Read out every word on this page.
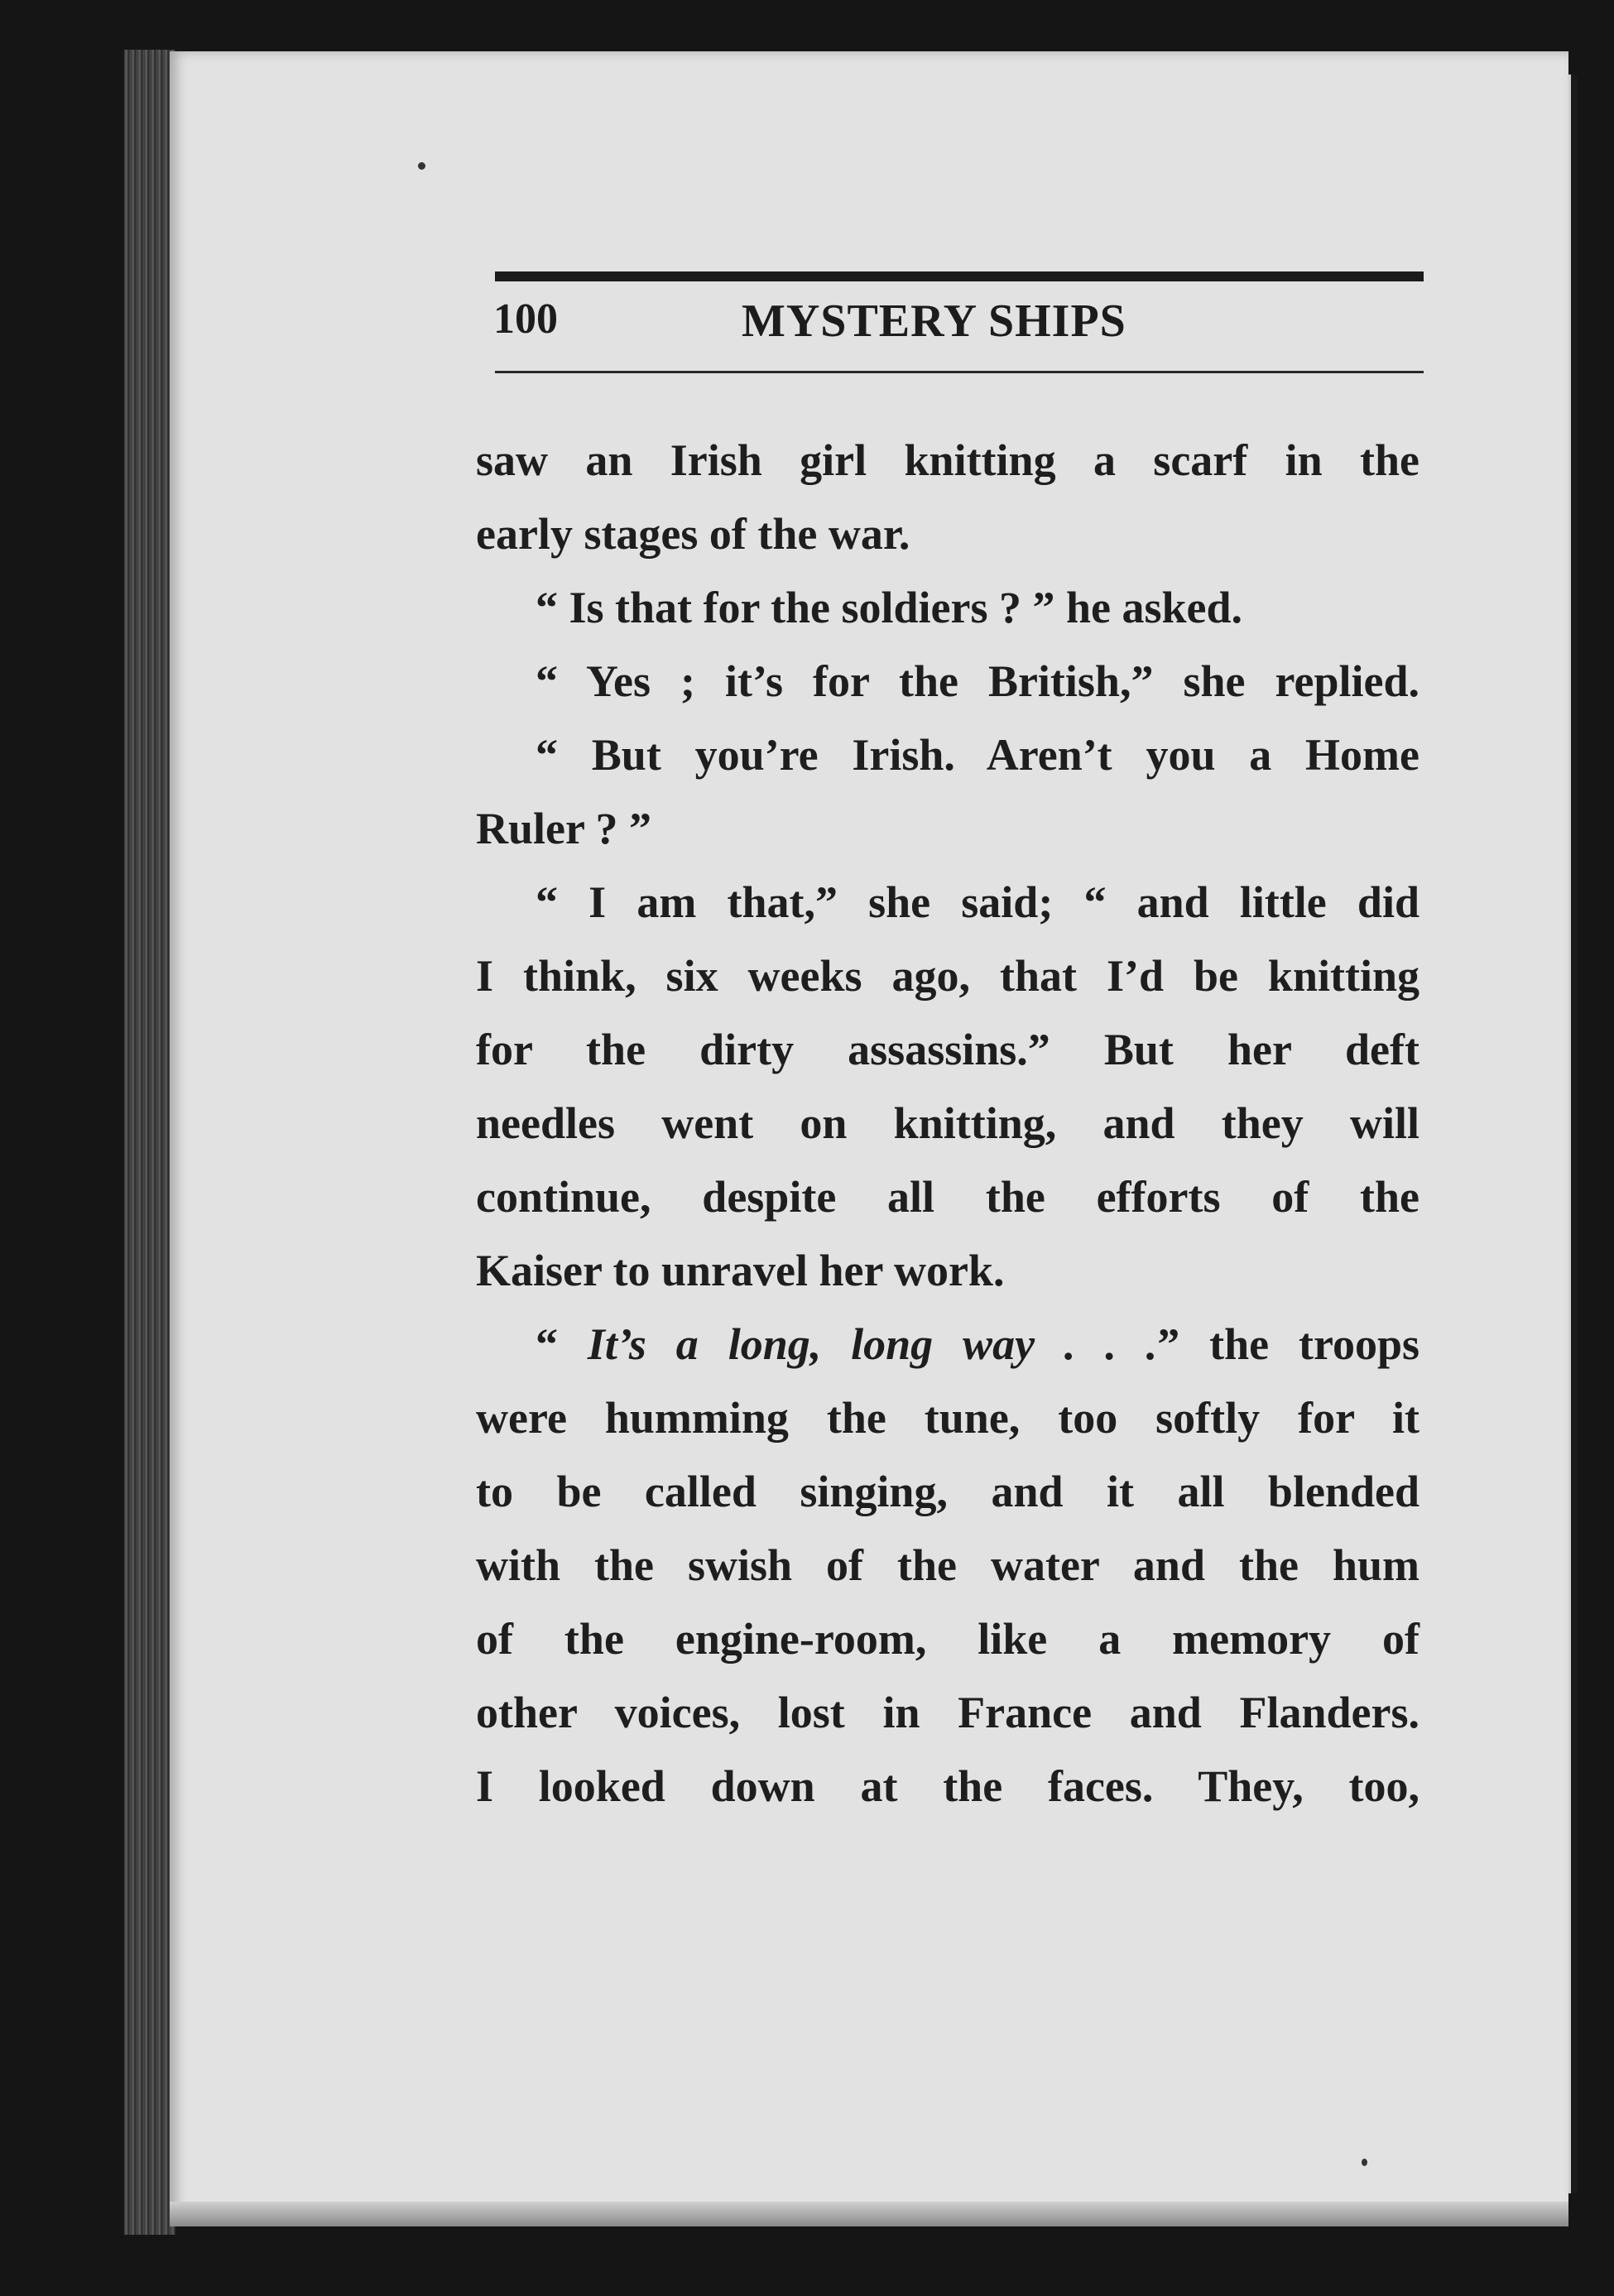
100	MYSTERY SHIPS
saw an Irish girl knitting a scarf in the
early stages of the war.
“ Is that for the soldiers ? ” he asked.
“ Yes ; it’s for the British,” she replied.
“ But you’re Irish. Aren’t you a Home
Ruler ? ”
“ I am that,” she said; “ and little did
I think, six weeks ago, that I’d be knitting
for the dirty assassins.” But her deft
needles went on knitting, and they will
continue, despite all the efforts of the
Kaiser to unravel her work.
“ It’s a long, long way . . .” the troops
were humming the tune, too softly for it
to be called singing, and it all blended
with the swish of the water and the hum
of the engine-room, like a memory of
other voices, lost in France and Flanders.
I looked down at the faces. They, too,
